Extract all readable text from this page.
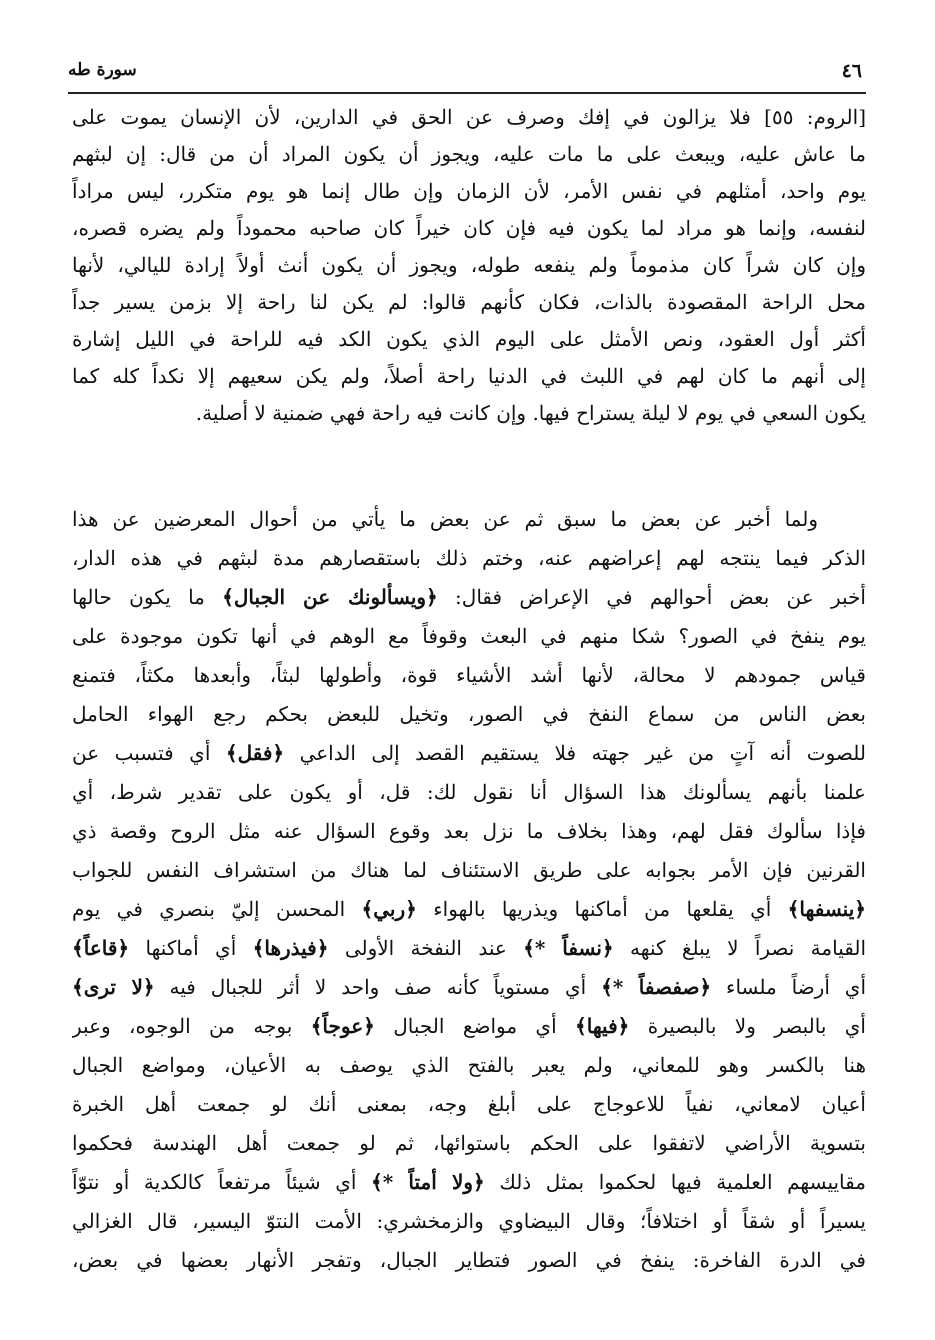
٤٦
سورة طه
[الروم: ٥٥] فلا يزالون في إفك وصرف عن الحق في الدارين، لأن الإنسان يموت على
ما عاش عليه، ويبعث على ما مات عليه، ويجوز أن يكون المراد أن من قال: إن لبثهم
يوم واحد، أمثلهم في نفس الأمر، لأن الزمان وإن طال إنما هو يوم متكرر، ليس مراداً
لنفسه، وإنما هو مراد لما يكون فيه فإن كان خيراً كان صاحبه محموداً ولم يضره قصره،
وإن كان شراً كان مذموماً ولم ينفعه طوله، ويجوز أن يكون أنث أولاً إرادة لليالي، لأنها
محل الراحة المقصودة بالذات، فكان كأنهم قالوا: لم يكن لنا راحة إلا بزمن يسير جداً
أكثر أول العقود، ونص الأمثل على اليوم الذي يكون الكد فيه للراحة في الليل إشارة
إلى أنهم ما كان لهم في اللبث في الدنيا راحة أصلاً، ولم يكن سعيهم إلا نكداً كله كما
يكون السعي في يوم لا ليلة يستراح فيها. وإن كانت فيه راحة فهي ضمنية لا أصلية.
ولما أخبر عن بعض ما سبق ثم عن بعض ما يأتي من أحوال المعرضين عن هذا
الذكر فيما ينتجه لهم إعراضهم عنه، وختم ذلك باستقصارهم مدة لبثهم في هذه الدار،
أخبر عن بعض أحوالهم في الإعراض فقال: ﴿ويسألونك عن الجبال﴾ ما يكون حالها
يوم ينفخ في الصور؟ شكا منهم في البعث وقوفاً مع الوهم في أنها تكون موجودة على
قياس جمودهم لا محالة، لأنها أشد الأشياء قوة، وأطولها لبثاً، وأبعدها مكثاً، فتمنع
بعض الناس من سماع النفخ في الصور، وتخيل للبعض بحكم رجع الهواء الحامل
للصوت أنه آتٍ من غير جهته فلا يستقيم القصد إلى الداعي ﴿فقل﴾ أي فتسبب عن
علمنا بأنهم يسألونك هذا السؤال أنا نقول لك: قل، أو يكون على تقدير شرط، أي
فإذا سألوك فقل لهم، وهذا بخلاف ما نزل بعد وقوع السؤال عنه مثل الروح وقصة ذي
القرنين فإن الأمر بجوابه على طريق الاستئناف لما هناك من استشراف النفس للجواب
﴿ينسفها﴾ أي يقلعها من أماكنها ويذريها بالهواء ﴿ربي﴾ المحسن إليّ بنصري في يوم
القيامة نصراً لا يبلغ كنهه ﴿نسفاً *﴾ عند النفخة الأولى ﴿فيذرها﴾ أي أماكنها ﴿قاعاً﴾
أي أرضاً ملساء ﴿صفصفاً *﴾ أي مستوياً كأنه صف واحد لا أثر للجبال فيه ﴿لا ترى﴾
أي بالبصر ولا بالبصيرة ﴿فيها﴾ أي مواضع الجبال ﴿عوجاً﴾ بوجه من الوجوه، وعبر
هنا بالكسر وهو للمعاني، ولم يعبر بالفتح الذي يوصف به الأعيان، ومواضع الجبال
أعيان لامعاني، نفياً للاعوجاج على أبلغ وجه، بمعنى أنك لو جمعت أهل الخبرة
بتسوية الأراضي لاتفقوا على الحكم باستوائها، ثم لو جمعت أهل الهندسة فحكموا
مقاييسهم العلمية فيها لحكموا بمثل ذلك ﴿ولا أمتاً *﴾ أي شيئاً مرتفعاً كالكدية أو نتوّاً
يسيراً أو شقاً أو اختلافاً؛ وقال البيضاوي والزمخشري: الأمت النتوّ اليسير، قال الغزالي
في الدرة الفاخرة: ينفخ في الصور فتطاير الجبال، وتفجر الأنهار بعضها في بعض،
